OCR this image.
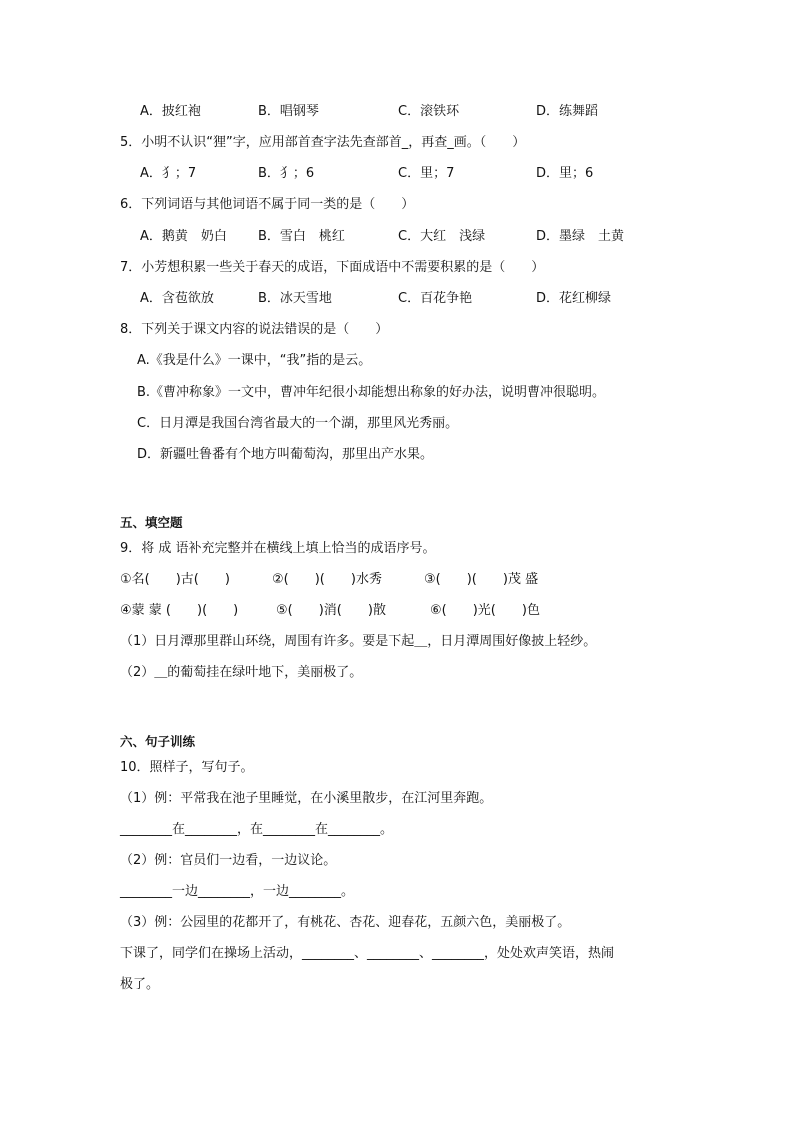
A．披红袍	B．唱钢琴	C．滚铁环	D．练舞蹈
5．小明不认识“狸”字，应用部首查字法先查部首_，再查_画。（　　）
A．犭；7	B．犭；6	C．里；7	D．里；6
6．下列词语与其他词语不属于同一类的是（　　）
A．鹅黄　奶白 B．雪白　桃红	C．大红　浅绿	D．墨绿　土黄
7．小芳想积累一些关于春天的成语，下面成语中不需要积累的是（　　）
A．含苞欲放	B．冰天雪地	C．百花争艳	D．花红柳绿
8．下列关于课文内容的说法错误的是（　　）
A.《我是什么》一课中，“我”指的是云。
B.《曹冲称象》一文中，曹冲年纪很小却能想出称象的好办法，说明曹冲很聪明。
C．日月潭是我国台湾省最大的一个湖，那里风光秀丽。
D．新疆吐鲁番有个地方叫葡萄沟，那里出产水果。
五、填空题
9．将 成 语补充完整并在横线上填上恰当的成语序号。
①名(　　)古(　　)	②(　　)(　　)水秀	③(　　)(　　)茂 盛
④蒙 蒙 (　　)(　　)	⑤(　　)消(　　)散	⑥(　　)光(　　)色
（1）日月潭那里群山环绕，周围有许多。要是下起＿，日月潭周围好像披上轻纱。
（2）＿的葡萄挂在绿叶地下，美丽极了。
六、句子训练
10．照样子，写句子。
（1）例：平常我在池子里睡觉，在小溪里散步，在江河里奔跑。
________在________，在________在________。
（2）例：官员们一边看，一边议论。
________一边________，一边________。
（3）例：公园里的花都开了，有桃花、杏花、迎春花，五颜六色，美丽极了。
下课了，同学们在操场上活动，________、________、________，处处欢声笑语，热闹
极了。
